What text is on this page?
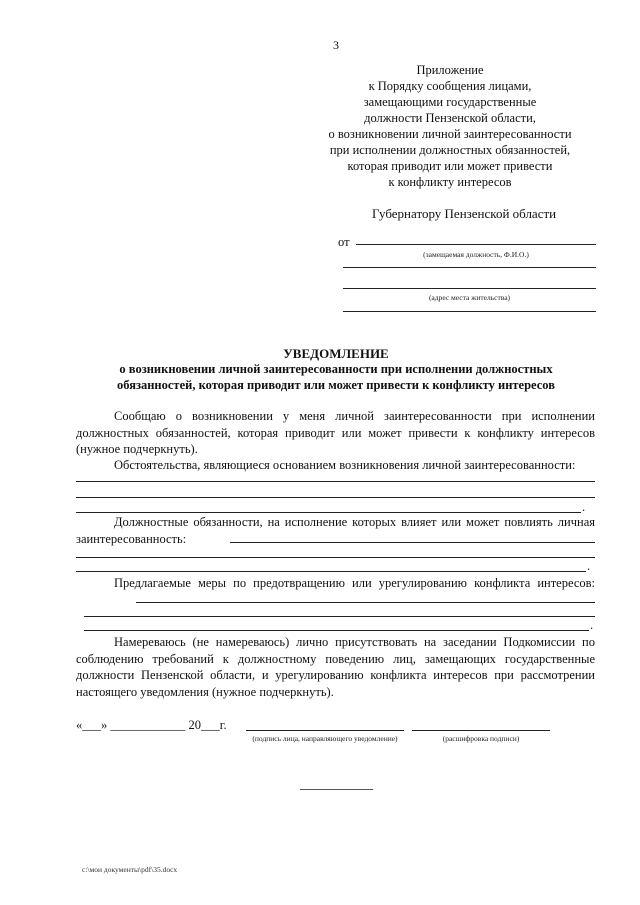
3
Приложение
к Порядку сообщения лицами,
замещающими государственные
должности Пензенской области,
о возникновении личной заинтересованности
при исполнении должностных обязанностей,
которая приводит или может привести
к конфликту интересов
Губернатору Пензенской области
от
(замещаемая должность, Ф.И.О.)
(адрес места жительства)
УВЕДОМЛЕНИЕ
о возникновении личной заинтересованности при исполнении должностных
обязанностей, которая приводит или может привести к конфликту интересов
Сообщаю о возникновении у меня личной заинтересованности при исполнении должностных обязанностей, которая приводит или может привести к конфликту интересов (нужное подчеркнуть).
Обстоятельства, являющиеся основанием возникновения личной заинтересованности:
.
Должностные обязанности, на исполнение которых влияет или может повлиять личная заинтересованность:
.
Предлагаемые меры по предотвращению или урегулированию конфликта интересов:
.
Намереваюсь (не намереваюсь) лично присутствовать на заседании Подкомиссии по соблюдению требований к должностному поведению лиц, замещающих государственные должности Пензенской области, и урегулированию конфликта интересов при рассмотрении настоящего уведомления (нужное подчеркнуть).
«___» ____________ 20___г.
(подпись лица, направляющего уведомление)	(расшифровка подписи)
c:\мои документы\pdf\35.docx
